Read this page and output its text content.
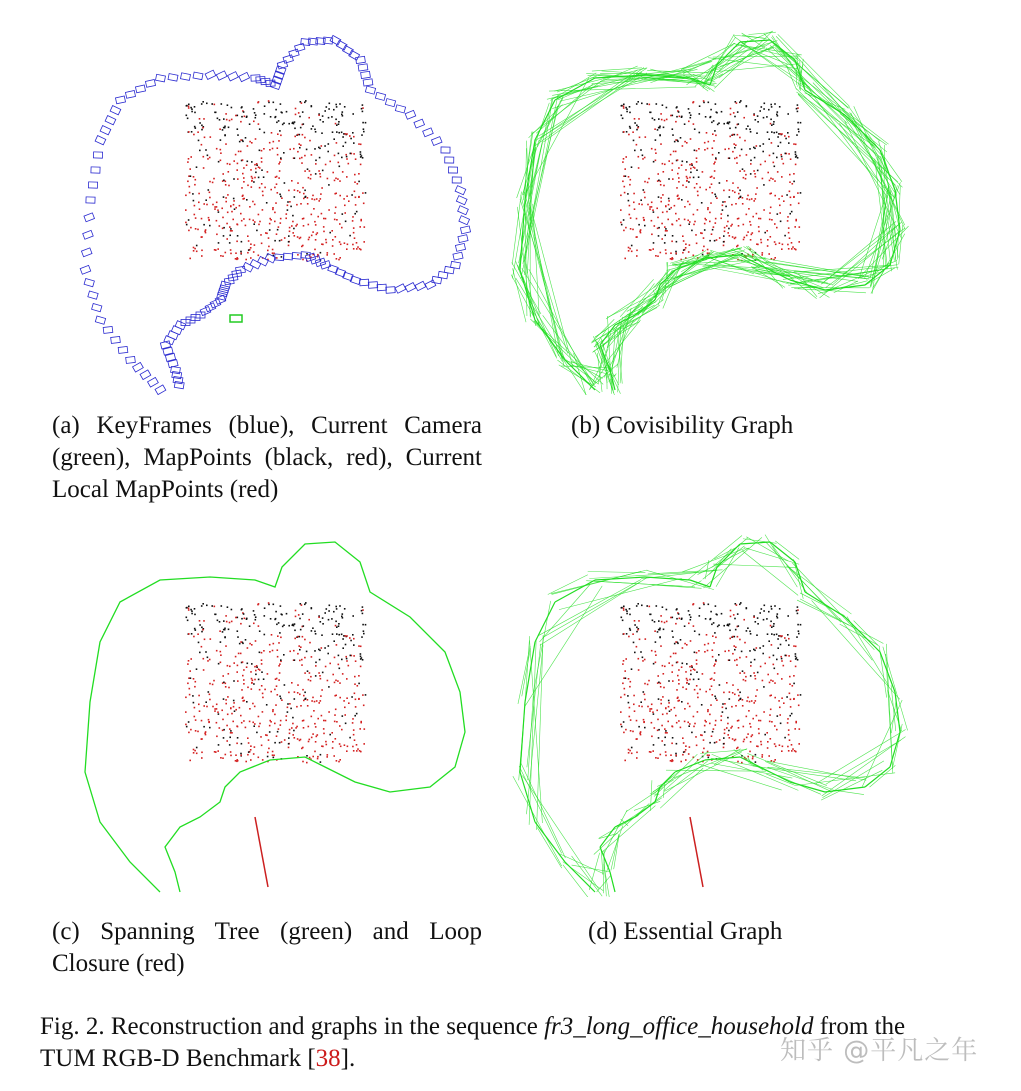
(a) KeyFrames (blue), Current Camera (green), MapPoints (black, red), Current Local MapPoints (red)
(b) Covisibility Graph
(c) Spanning Tree (green) and Loop Closure (red)
(d) Essential Graph
Fig. 2. Reconstruction and graphs in the sequence fr3_long_office_household from the TUM RGB-D Benchmark [38].	知乎 @平凡之年
